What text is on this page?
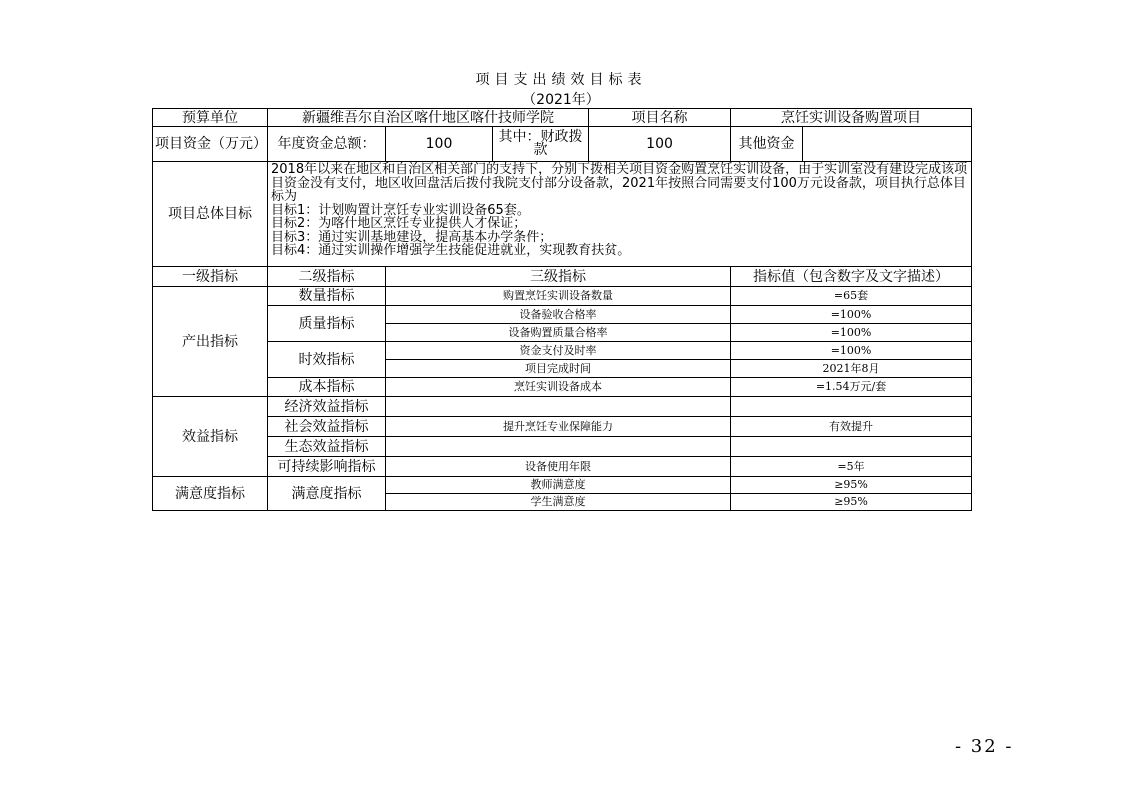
项目支出绩效目标表
（2021年）
预算单位	新疆维吾尔自治区喀什地区喀什技师学院			项目名称	烹饪实训设备购置项目	
项目资金（万元）	年度资金总额：	100	其中：财政拨款	100	其他资金	
项目总体目标	2018年以来在地区和自治区相关部门的支持下，分别下拨相关项目资金购置烹饪实训设备，由于实训室没有建设完成该项目资金没有支付，地区收回盘活后拨付我院支付部分设备款，2021年按照合同需要支付100万元设备款，项目执行总体目标为
目标1：计划购置计烹饪专业实训设备65套。
目标2：为喀什地区烹饪专业提供人才保证；
目标3：通过实训基地建设，提高基本办学条件；
目标4：通过实训操作增强学生技能促进就业，实现教育扶贫。					

一级指标	二级指标	三级指标			指标值（包含数字及文字描述）	
产出指标	数量指标	购置烹饪实训设备数量			=65套	
	质量指标	设备验收合格率			=100%	
		设备购置质量合格率			=100%	
	时效指标	资金支付及时率			=100%	
		项目完成时间			2021年8月	
	成本指标	烹饪实训设备成本			=1.54万元/套	
效益指标	经济效益指标					
	社会效益指标	提升烹饪专业保障能力			有效提升	
	生态效益指标					
	可持续影响指标	设备使用年限			=5年	
满意度指标	满意度指标	教师满意度			≥95%	
		学生满意度			≥95%	
- 32 -
